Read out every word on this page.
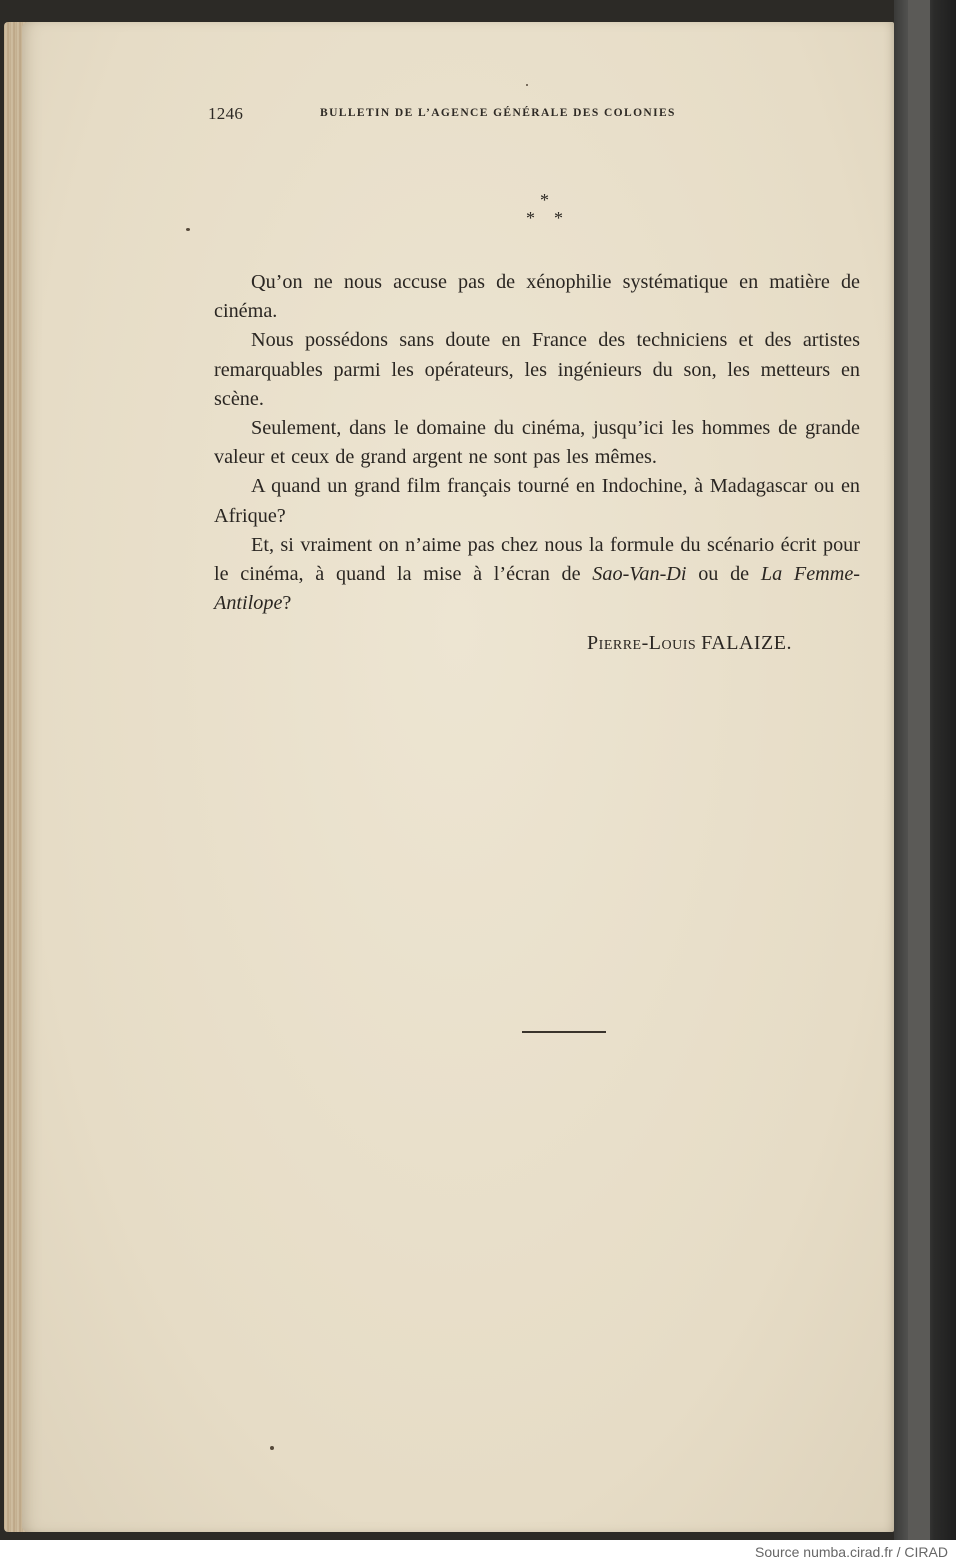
1246	BULLETIN DE L’AGENCE GÉNÉRALE DES COLONIES
*
* *

Qu’on ne nous accuse pas de xénophilie systématique en matière de cinéma.

Nous possédons sans doute en France des techniciens et des artistes remarquables parmi les opérateurs, les ingénieurs du son, les metteurs en scène.

Seulement, dans le domaine du cinéma, jusqu’ici les hommes de grande valeur et ceux de grand argent ne sont pas les mêmes.

A quand un grand film français tourné en Indochine, à Madagascar ou en Afrique?

Et, si vraiment on n’aime pas chez nous la formule du scénario écrit pour le cinéma, à quand la mise à l’écran de Sao-Van-Di ou de La Femme-Antilope?

Pierre-Louis FALAIZE.
Source numba.cirad.fr / CIRAD
